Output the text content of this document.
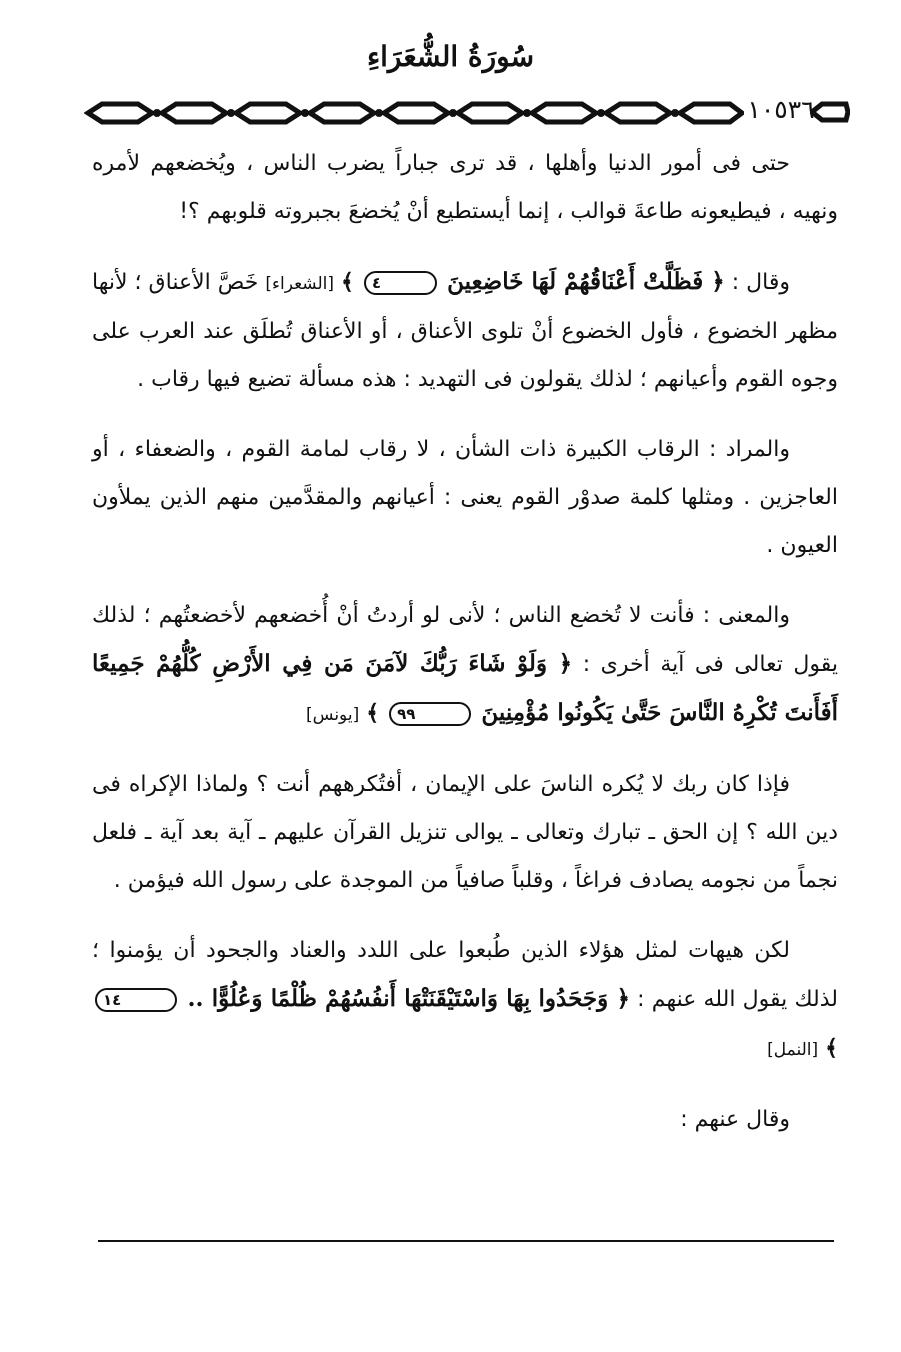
سُورَةُ الشُّعَرَاءِ
١٠٥٣٦

حتى فى أمور الدنيا وأهلها ، قد ترى جباراً يضرب الناس ، ويُخضعهم لأمره ونهيه ، فيطيعونه طاعةَ قوالب ، إنما أيستطيع أنْ يُخضعَ بجبروته قلوبهم ؟!

وقال : ﴿ فَظَلَّتْ أَعْنَاقُهُمْ لَهَا خَاضِعِينَ ٤ ﴾ [الشعراء] خَصَّ الأعناق ؛ لأنها مظهر الخضوع ، فأول الخضوع أنْ تلوى الأعناق ، أو الأعناق تُطلَق عند العرب على وجوه القوم وأعيانهم ؛ لذلك يقولون فى التهديد : هذه مسألة تضيع فيها رقاب .

والمراد : الرقاب الكبيرة ذات الشأن ، لا رقاب لمامة القوم ، والضعفاء ، أو العاجزين . ومثلها كلمة صدوْر القوم يعنى : أعيانهم والمقدَّمين منهم الذين يملأون العيون .

والمعنى : فأنت لا تُخضع الناس ؛ لأنى لو أردتُ أنْ أُخضعهم لأخضعتُهم ؛ لذلك يقول تعالى فى آية أخرى : ﴿ وَلَوْ شَاءَ رَبُّكَ لآمَنَ مَن فِي الأَرْضِ كُلُّهُمْ جَمِيعًا أَفَأَنتَ تُكْرِهُ النَّاسَ حَتَّىٰ يَكُونُوا مُؤْمِنِينَ ٩٩ ﴾ [يونس]

فإذا كان ربك لا يُكره الناسَ على الإيمان ، أفتُكرههم أنت ؟ ولماذا الإكراه فى دين الله ؟ إن الحق ـ تبارك وتعالى ـ يوالى تنزيل القرآن عليهم ـ آية بعد آية ـ فلعل نجماً من نجومه يصادف فراغاً ، وقلباً صافياً من الموجدة على رسول الله فيؤمن .

لكن هيهات لمثل هؤلاء الذين طُبعوا على اللدد والعناد والجحود أن يؤمنوا ؛ لذلك يقول الله عنهم : ﴿ وَجَحَدُوا بِهَا وَاسْتَيْقَنَتْهَا أَنفُسُهُمْ ظُلْمًا وَعُلُوًّا .. ١٤ ﴾ [النمل]

وقال عنهم :
